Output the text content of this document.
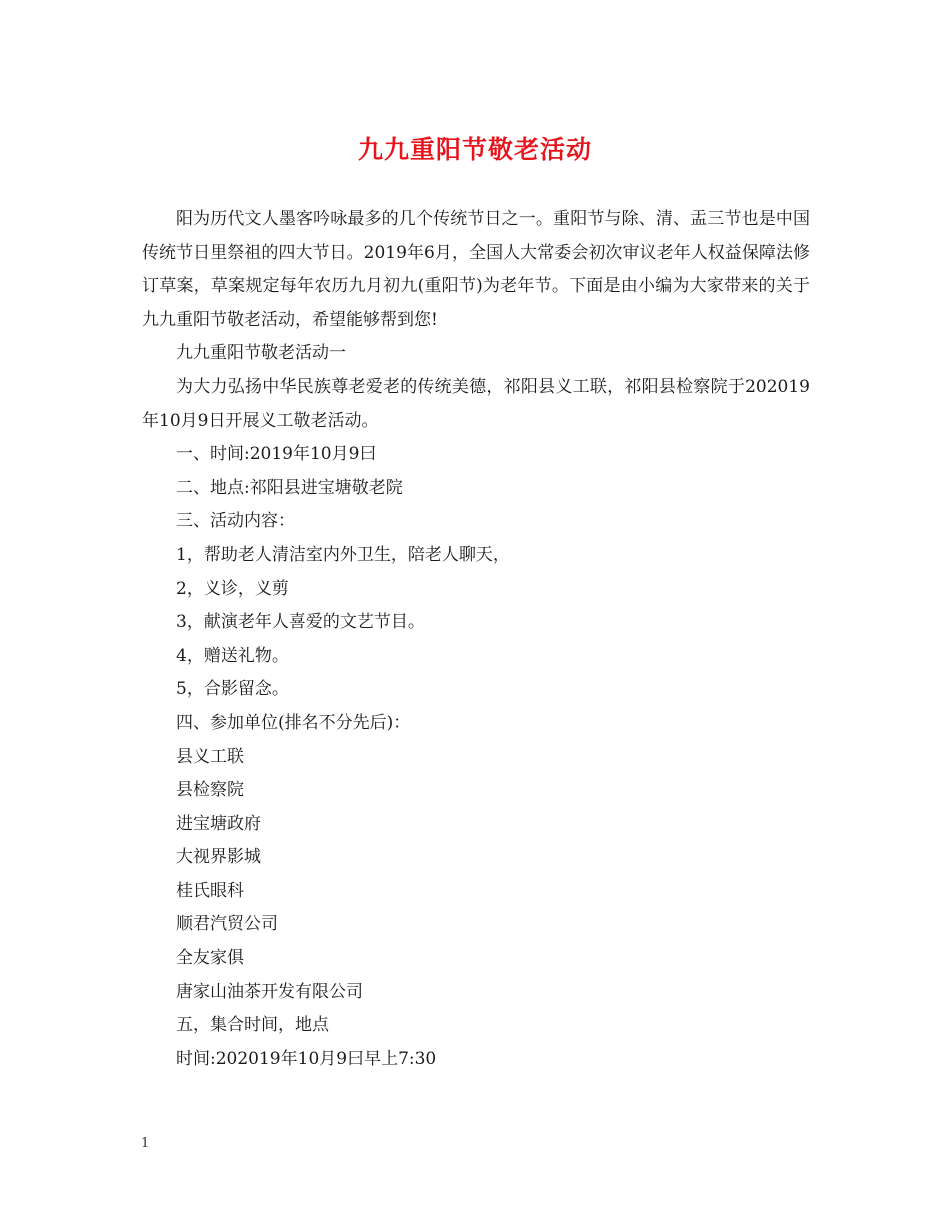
九九重阳节敬老活动

阳为历代文人墨客吟咏最多的几个传统节日之一。重阳节与除、清、盂三节也是中国传统节日里祭祖的四大节日。2019年6月，全国人大常委会初次审议老年人权益保障法修订草案，草案规定每年农历九月初九(重阳节)为老年节。下面是由小编为大家带来的关于九九重阳节敬老活动，希望能够帮到您!

九九重阳节敬老活动一

为大力弘扬中华民族尊老爱老的传统美德，祁阳县义工联，祁阳县检察院于202019年10月9日开展义工敬老活动。

一、时间:2019年10月9曰

二、地点:祁阳县进宝塘敬老院

三、活动内容：

1，帮助老人清洁室内外卫生，陪老人聊天，

2，义诊，义剪

3，献演老年人喜爱的文艺节目。

4，赠送礼物。

5，合影留念。

四、参加单位(排名不分先后)：

县义工联

县检察院

进宝塘政府

大视界影城

桂氏眼科

顺君汽贸公司

全友家俱

唐家山油茶开发有限公司

五，集合时间，地点

时间:202019年10月9曰早上7:30

1
